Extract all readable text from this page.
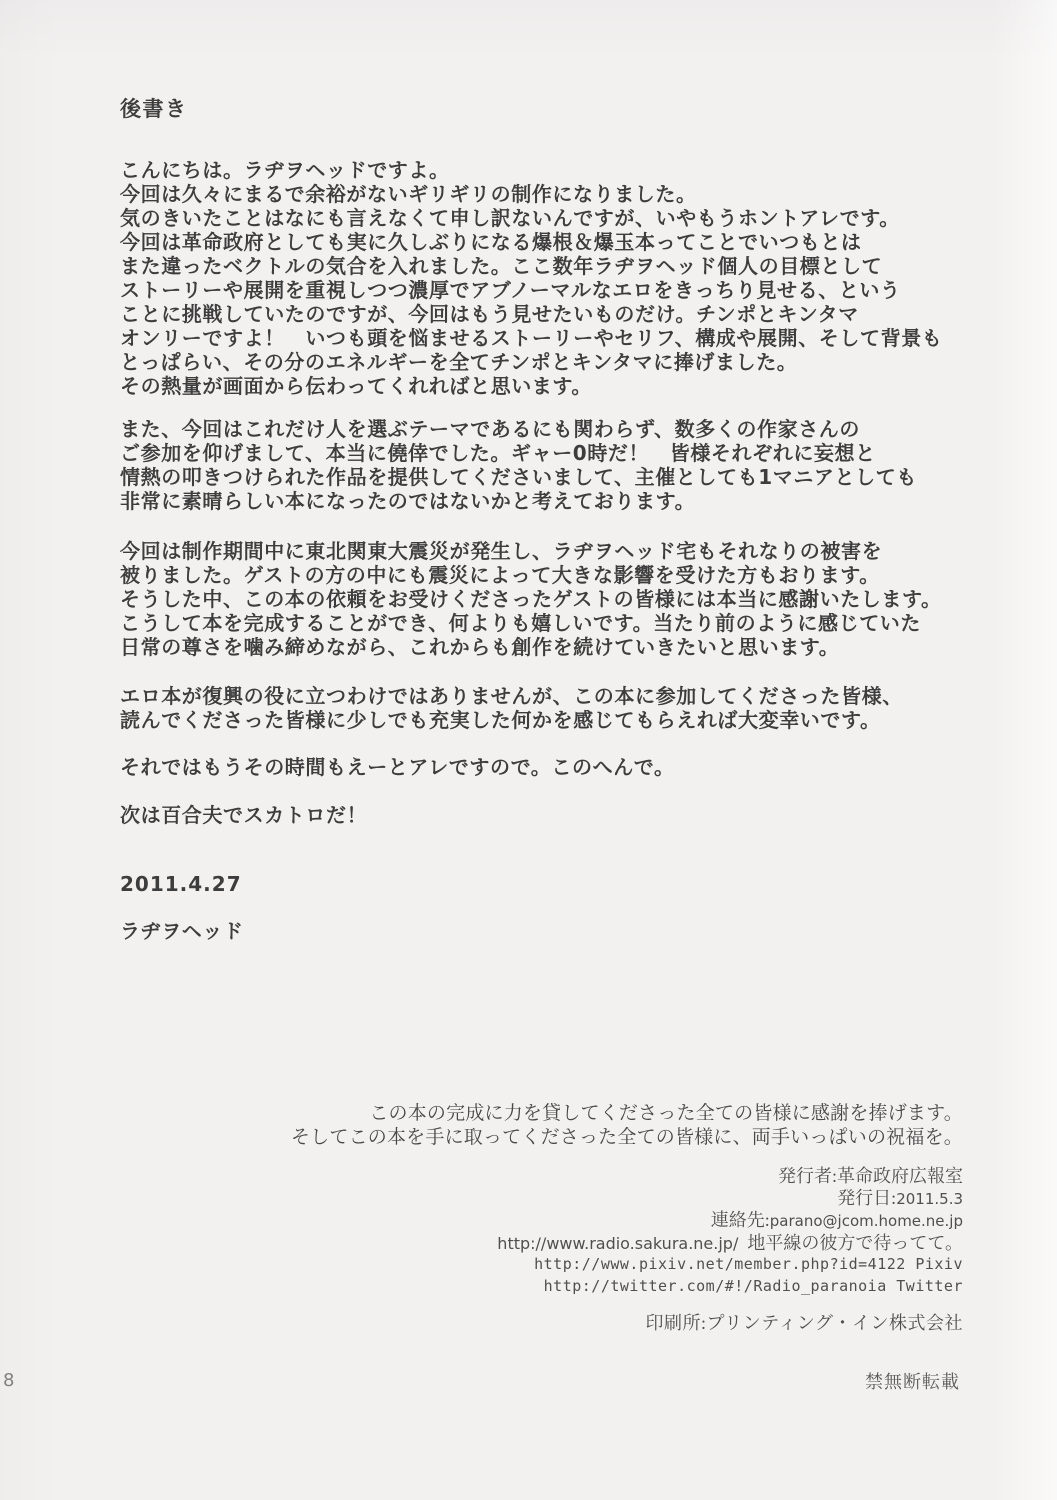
後書き
こんにちは。ラヂヲヘッドですよ。
今回は久々にまるで余裕がないギリギリの制作になりました。
気のきいたことはなにも言えなくて申し訳ないんですが、いやもうホントアレです。
今回は革命政府としても実に久しぶりになる爆根＆爆玉本ってことでいつもとは
また違ったベクトルの気合を入れました。ここ数年ラヂヲヘッド個人の目標として
ストーリーや展開を重視しつつ濃厚でアブノーマルなエロをきっちり見せる、という
ことに挑戦していたのですが、今回はもう見せたいものだけ。チンポとキンタマ
オンリーですよ！　いつも頭を悩ませるストーリーやセリフ、構成や展開、そして背景も
とっぱらい、その分のエネルギーを全てチンポとキンタマに捧げました。
その熱量が画面から伝わってくれればと思います。
また、今回はこれだけ人を選ぶテーマであるにも関わらず、数多くの作家さんの
ご参加を仰げまして、本当に僥倖でした。ギャー0時だ！　皆様それぞれに妄想と
情熱の叩きつけられた作品を提供してくださいまして、主催としても1マニアとしても
非常に素晴らしい本になったのではないかと考えております。
今回は制作期間中に東北関東大震災が発生し、ラヂヲヘッド宅もそれなりの被害を
被りました。ゲストの方の中にも震災によって大きな影響を受けた方もおります。
そうした中、この本の依頼をお受けくださったゲストの皆様には本当に感謝いたします。
こうして本を完成することができ、何よりも嬉しいです。当たり前のように感じていた
日常の尊さを噛み締めながら、これからも創作を続けていきたいと思います。
エロ本が復興の役に立つわけではありませんが、この本に参加してくださった皆様、
読んでくださった皆様に少しでも充実した何かを感じてもらえれば大変幸いです。
それではもうその時間もえーとアレですので。このへんで。
次は百合夫でスカトロだ！
2011.4.27
ラヂヲヘッド
この本の完成に力を貸してくださった全ての皆様に感謝を捧げます。
そしてこの本を手に取ってくださった全ての皆様に、両手いっぱいの祝福を。
発行者:革命政府広報室
発行日:2011.5.3
連絡先:parano@jcom.home.ne.jp
http://www.radio.sakura.ne.jp/ 地平線の彼方で待ってて。
http://www.pixiv.net/member.php?id=4122 Pixiv
http://twitter.com/#!/Radio_paranoia Twitter
印刷所:プリンティング・イン株式会社
8	禁無断転載
